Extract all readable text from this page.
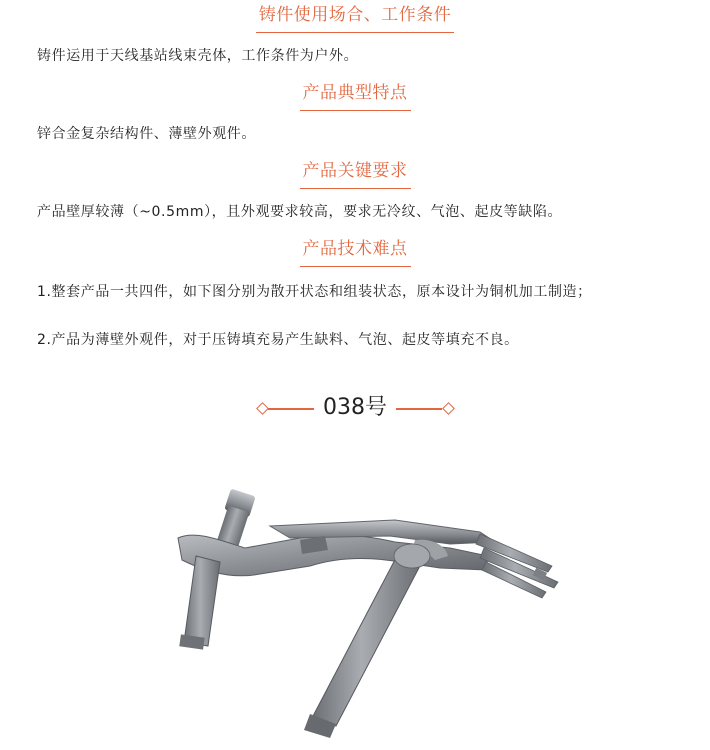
铸件使用场合、工作条件

铸件运用于天线基站线束壳体，工作条件为户外。

产品典型特点

锌合金复杂结构件、薄壁外观件。

产品关键要求

产品壁厚较薄（~0.5mm），且外观要求较高，要求无冷纹、气泡、起皮等缺陷。

产品技术难点

1.整套产品一共四件，如下图分别为散开状态和组装状态，原本设计为铜机加工制造；

2.产品为薄壁外观件，对于压铸填充易产生缺料、气泡、起皮等填充不良。

038号
